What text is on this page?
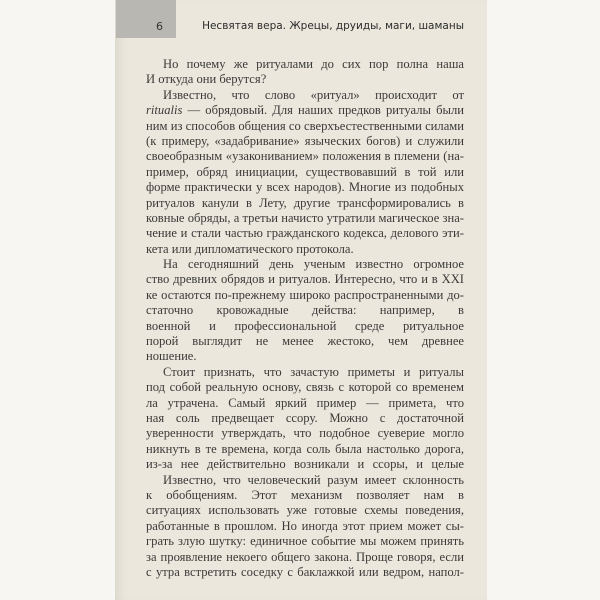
6	Несвятая вера. Жрецы, друиды, маги, шаманы
Но почему же ритуалами до сих пор полна наша
И откуда они берутся?
Известно, что слово «ритуал» происходит от
ritualis — обрядовый. Для наших предков ритуалы были
ним из способов общения со сверхъестественными силами
(к примеру, «задабривание» языческих богов) и служили
своеобразным «узакониванием» положения в племени (на-
пример, обряд инициации, существовавший в той или
форме практически у всех народов). Многие из подобных
ритуалов канули в Лету, другие трансформировались в
ковные обряды, а третьи начисто утратили магическое зна-
чение и стали частью гражданского кодекса, делового эти-
кета или дипломатического протокола.
На сегодняшний день ученым известно огромное
ство древних обрядов и ритуалов. Интересно, что и в XXI
ке остаются по-прежнему широко распространенными до-
статочно кровожадные действа: например, в
военной и профессиональной среде ритуальное
порой выглядит не менее жестоко, чем древнее
ношение.
Стоит признать, что зачастую приметы и ритуалы
под собой реальную основу, связь с которой со временем
ла утрачена. Самый яркий пример — примета, что
ная соль предвещает ссору. Можно с достаточной
уверенности утверждать, что подобное суеверие могло
никнуть в те времена, когда соль была настолько дорога,
из-за нее действительно возникали и ссоры, и целые
Известно, что человеческий разум имеет склонность
к обобщениям. Этот механизм позволяет нам в
ситуациях использовать уже готовые схемы поведения,
работанные в прошлом. Но иногда этот прием может сы-
грать злую шутку: единичное событие мы можем принять
за проявление некоего общего закона. Проще говоря, если
с утра встретить соседку с баклажкой или ведром, напол-
